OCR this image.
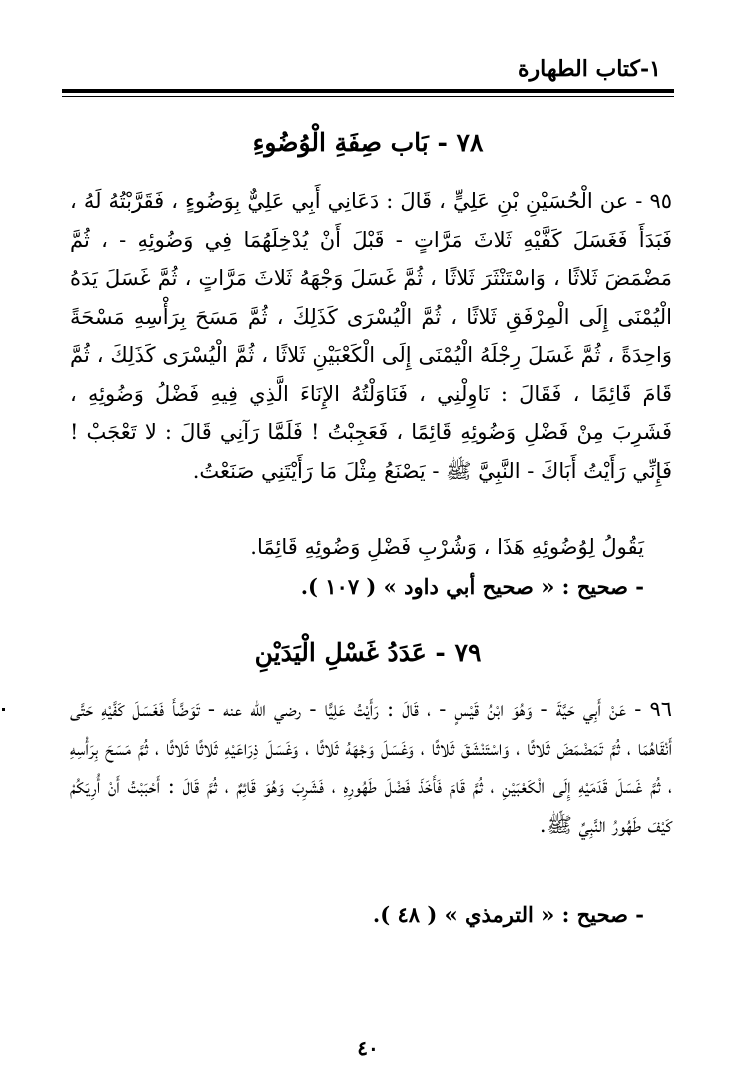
١-كتاب الطهارة
٧٨ - بَاب صِفَةِ الْوُضُوءِ

٩٥ - عن الْحُسَيْنِ بْنِ عَلِيٍّ ، قَالَ : دَعَانِي أَبِي عَلِيٌّ بِوَضُوءٍ ، فَقَرَّبْتُهُ لَهُ ، فَبَدَأَ فَغَسَلَ كَفَّيْهِ ثَلاثَ مَرَّاتٍ - قَبْلَ أَنْ يُدْخِلَهُمَا فِي وَضُوئِهِ - ، ثُمَّ مَضْمَضَ ثَلاثًا ، وَاسْتَنْثَرَ ثَلاثًا ، ثُمَّ غَسَلَ وَجْهَهُ ثَلاثَ مَرَّاتٍ ، ثُمَّ غَسَلَ يَدَهُ الْيُمْنَى إِلَى الْمِرْفَقِ ثَلاثًا ، ثُمَّ الْيُسْرَى كَذَلِكَ ، ثُمَّ مَسَحَ بِرَأْسِهِ مَسْحَةً وَاحِدَةً ، ثُمَّ غَسَلَ رِجْلَهُ الْيُمْنَى إِلَى الْكَعْبَيْنِ ثَلاثًا ، ثُمَّ الْيُسْرَى كَذَلِكَ ، ثُمَّ قَامَ قَائِمًا ، فَقَالَ : نَاوِلْنِي ، فَنَاوَلْتُهُ الإِنَاءَ الَّذِي فِيهِ فَضْلُ وَضُوئِهِ ، فَشَرِبَ مِنْ فَضْلِ وَضُوئِهِ قَائِمًا ، فَعَجِبْتُ ! فَلَمَّا رَآنِي قَالَ : لا تَعْجَبْ ! فَإِنِّي رَأَيْتُ أَبَاكَ - النَّبِيَّ ﷺ - يَصْنَعُ مِثْلَ مَا رَأَيْتَنِي صَنَعْتُ.

يَقُولُ لِوُضُوئِهِ هَذَا ، وَشُرْبِ فَضْلِ وَضُوئِهِ قَائِمًا.

- صحيح : « صحيح أبي داود » ( ١٠٧ ).
٧٩ - عَدَدُ غَسْلِ الْيَدَيْنِ

٩٦ - عَنْ أَبِي حَيَّةَ - وَهُوَ ابْنُ قَيْسٍ - ، قَالَ : رَأَيْتُ عَلِيًّا - رضي الله عنه - تَوَضَّأَ فَغَسَلَ كَفَّيْهِ حَتَّى أَنْقَاهُمَا ، ثُمَّ تَمَضْمَضَ ثَلاثًا ، وَاسْتَنْشَقَ ثَلاثًا ، وَغَسَلَ وَجْهَهُ ثَلاثًا ، وَغَسَلَ ذِرَاعَيْهِ ثَلاثًا ثَلاثًا ، ثُمَّ مَسَحَ بِرَأْسِهِ ، ثُمَّ غَسَلَ قَدَمَيْهِ إِلَى الْكَعْبَيْنِ ، ثُمَّ قَامَ فَأَخَذَ فَضْلَ طَهُورِهِ ، فَشَرِبَ وَهُوَ قَائِمٌ ، ثُمَّ قَالَ : أَحْبَبْتُ أَنْ أُرِيَكُمْ كَيْفَ طَهُورُ النَّبِيِّ ﷺ.

- صحيح : « الترمذي » ( ٤٨ ).
٤٠
